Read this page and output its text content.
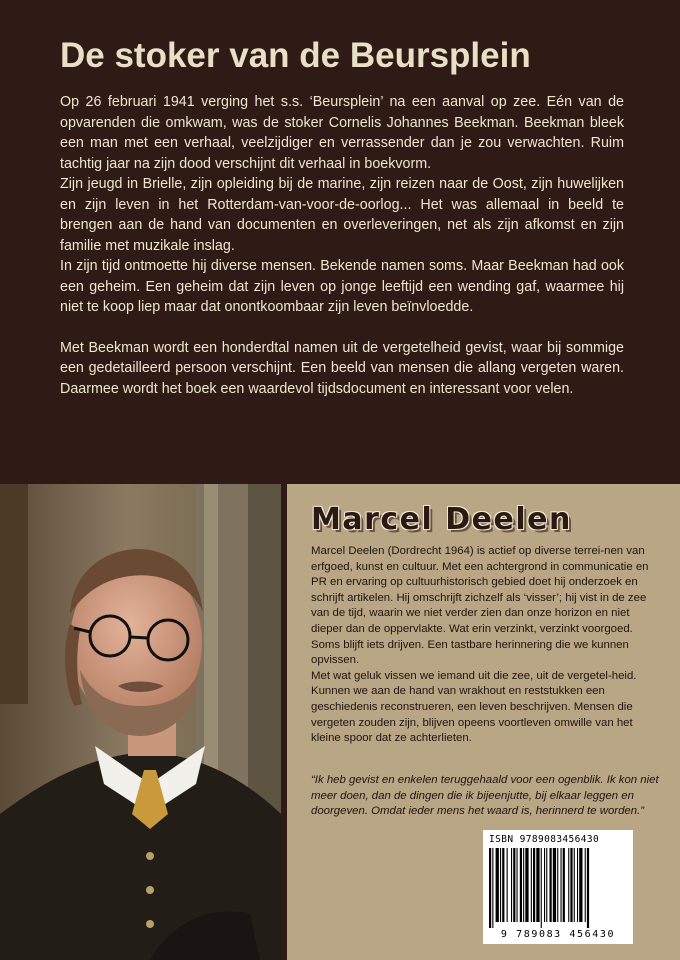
De stoker van de Beursplein

Op 26 februari 1941 verging het s.s. ‘Beursplein’ na een aanval op zee. Eén van de opvarenden die omkwam, was de stoker Cornelis Johannes Beekman. Beekman bleek een man met een verhaal, veelzijdiger en verrassender dan je zou verwachten. Ruim tachtig jaar na zijn dood verschijnt dit verhaal in boekvorm.

Zijn jeugd in Brielle, zijn opleiding bij de marine, zijn reizen naar de Oost, zijn huwelijken en zijn leven in het Rotterdam-van-voor-de-oorlog... Het was allemaal in beeld te brengen aan de hand van documenten en overleveringen, net als zijn afkomst en zijn familie met muzikale inslag.

In zijn tijd ontmoette hij diverse mensen. Bekende namen soms. Maar Beekman had ook een geheim. Een geheim dat zijn leven op jonge leeftijd een wending gaf, waarmee hij niet te koop liep maar dat onontkoombaar zijn leven beïnvloedde.

Met Beekman wordt een honderdtal namen uit de vergetelheid gevist, waar bij sommige een gedetailleerd persoon verschijnt. Een beeld van mensen die allang vergeten waren. Daarmee wordt het boek een waardevol tijdsdocument en interessant voor velen.

Marcel Deelen

Marcel Deelen (Dordrecht 1964) is actief op diverse terrei-nen van erfgoed, kunst en cultuur. Met een achtergrond in communicatie en PR en ervaring op cultuurhistorisch gebied doet hij onderzoek en schrijft artikelen. Hij omschrijft zichzelf als ‘visser’; hij vist in de zee van de tijd, waarin we niet verder zien dan onze horizon en niet dieper dan de oppervlakte. Wat erin verzinkt, verzinkt voorgoed.

Soms blijft iets drijven. Een tastbare herinnering die we kunnen opvissen.

Met wat geluk vissen we iemand uit die zee, uit de vergetel-heid. Kunnen we aan de hand van wrakhout en reststukken een geschiedenis reconstrueren, een leven beschrijven. Mensen die vergeten zouden zijn, blijven opeens voortleven omwille van het kleine spoor dat ze achterlieten.

“Ik heb gevist en enkelen teruggehaald voor een ogenblik. Ik kon niet meer doen, dan de dingen die ik bijeenjutte, bij elkaar leggen en doorgeven. Omdat ieder mens het waard is, herinnerd te worden.”

ISBN 9789083456430

9 789083 456430
